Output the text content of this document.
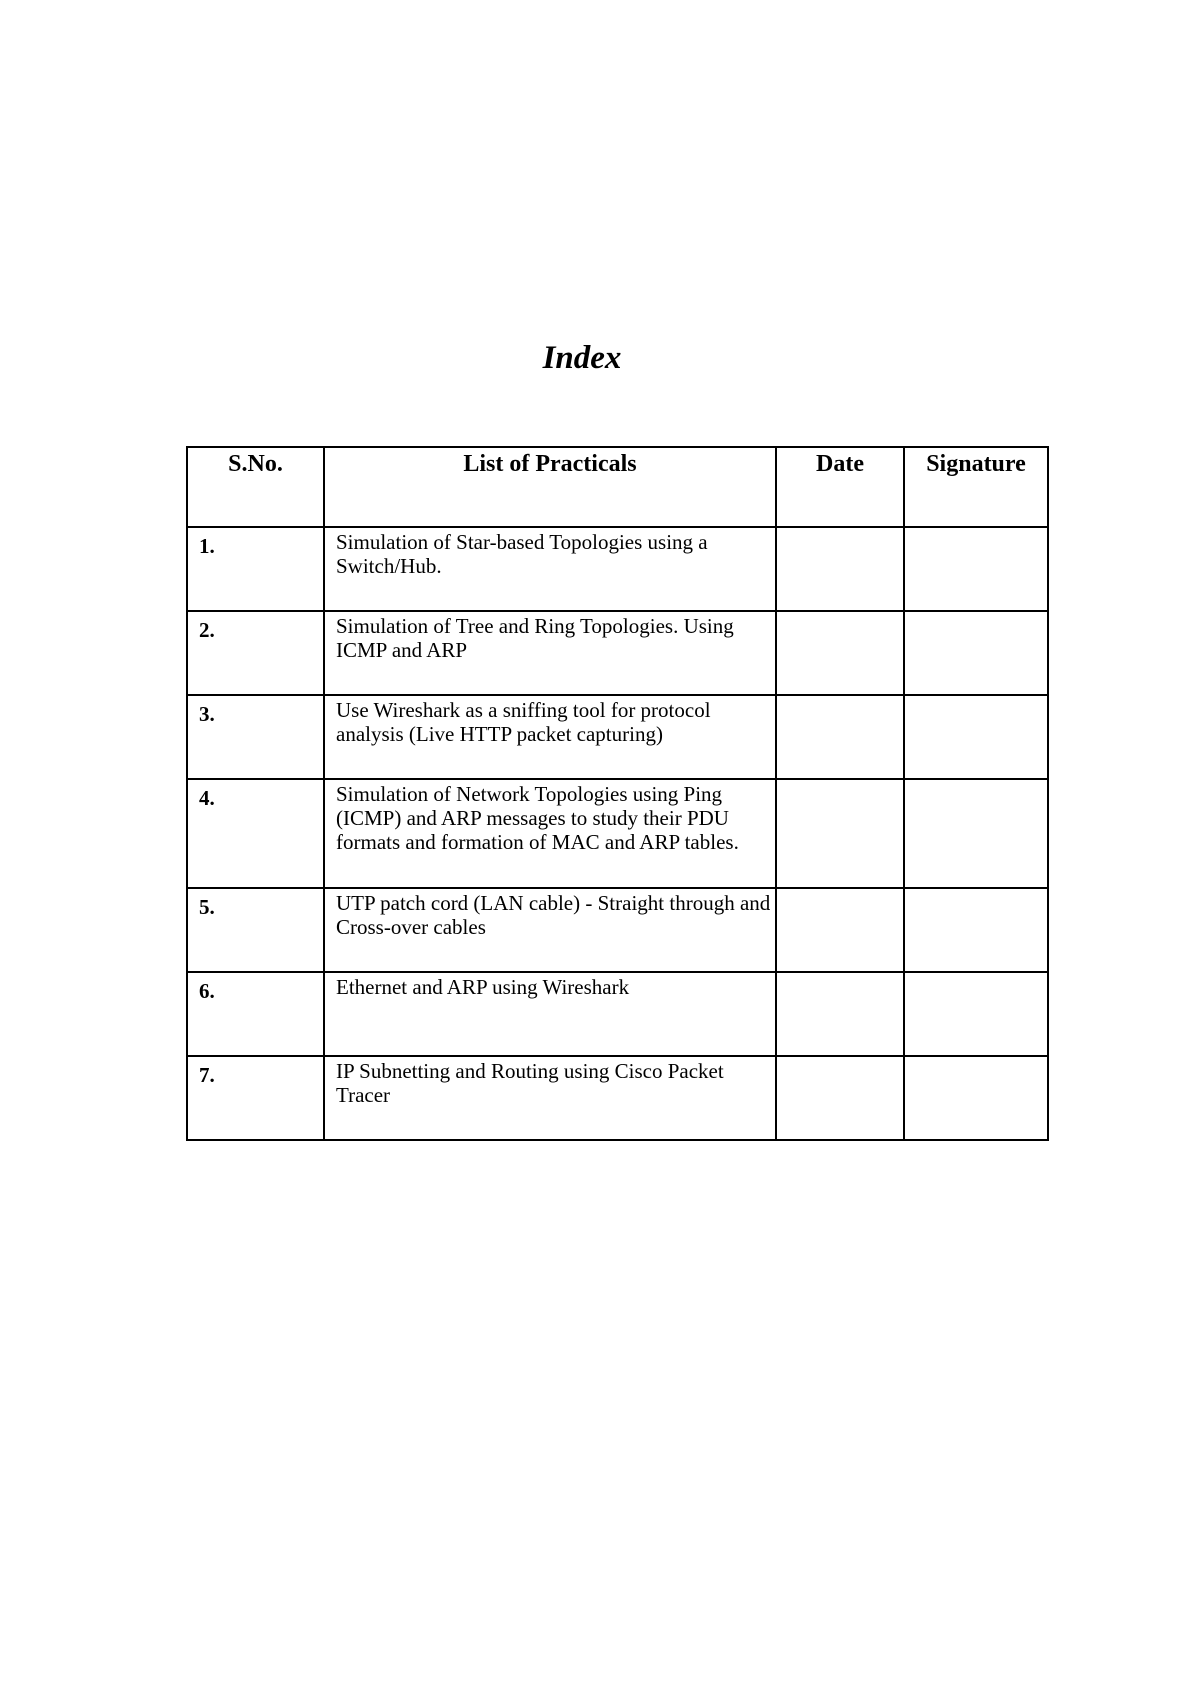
Index
S.No.	List of Practicals	Date	Signature
1.	Simulation of Star-based Topologies using a Switch/Hub.		
2.	Simulation of Tree and Ring Topologies. Using ICMP and ARP		
3.	Use Wireshark as a sniffing tool for protocol analysis (Live HTTP packet capturing)		
4.	Simulation of Network Topologies using Ping (ICMP) and ARP messages to study their PDU formats and formation of MAC and ARP tables.		
5.	UTP patch cord (LAN cable) - Straight through and Cross-over cables		
6.	Ethernet and ARP using Wireshark		
7.	IP Subnetting and Routing using Cisco Packet Tracer		
